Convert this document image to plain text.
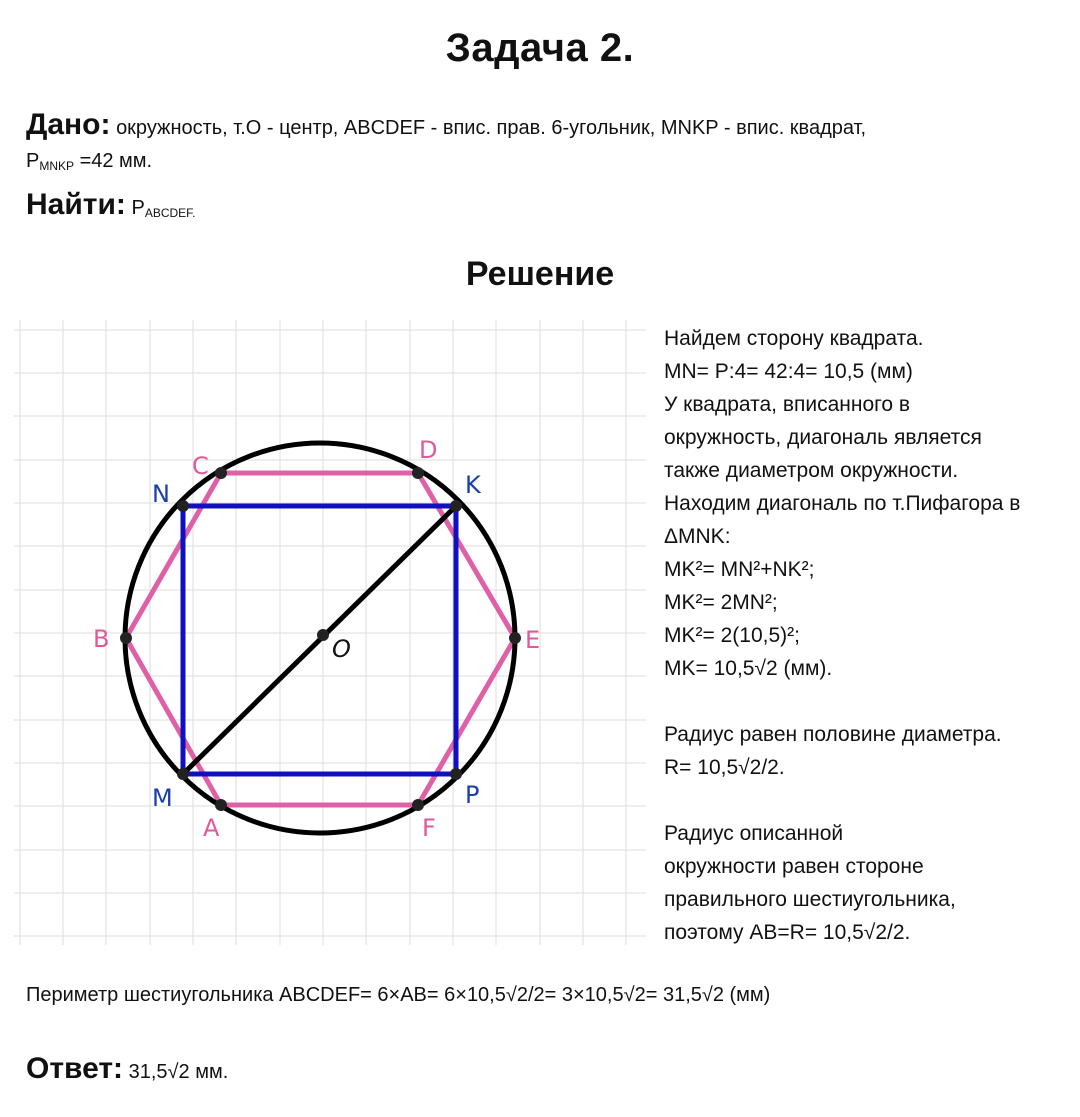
Задача 2.
Дано: окружность, т.О - центр, ABCDEF - впис. прав. 6-угольник, MNKP - впис. квадрат,
$P_{MNKP} =42$ мм.
Найти: $P_{ABCDEF.}$
Решение
A
B
C
D
E
F
M
N	K
P
O
Найдем сторону квадрата.
MN= P:4= 42:4= 10,5 (мм)
У квадрата, вписанного в
окружность, диагональ является
также диаметром окружности.
Находим диагональ по т.Пифагора в
ΔMNK:
MK²= MN²+NK²;
MK²= 2MN²;
MK²= 2(10,5)²;
MK= 10,5√2 (мм).
Радиус равен половине диаметра.
R= 10,5√2/2.
Радиус описанной
окружности равен стороне
правильного шестиугольника,
поэтому AB=R= 10,5√2/2.
Периметр шестиугольника ABCDEF= 6×AB= 6×10,5√2/2= 3×10,5√2= 31,5√2 (мм)
Ответ: 31,5√2 мм.
